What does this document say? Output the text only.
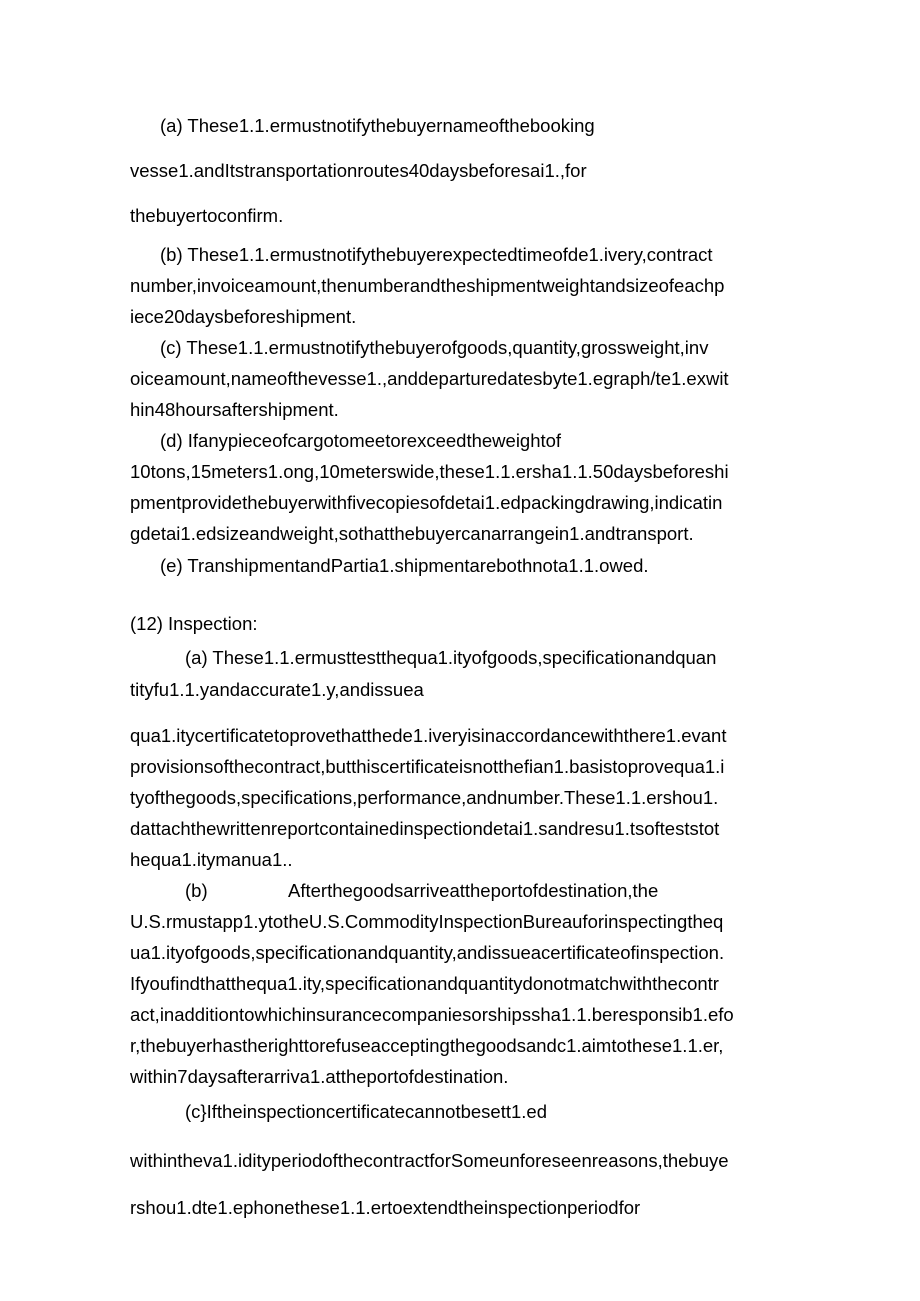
(a) These1.1.ermustnotifythebuyernameofthebooking
vesse1.andItstransportationroutes40daysbeforesai1.,for
thebuyertoconfirm.
(b) These1.1.ermustnotifythebuyerexpectedtimeofde1.ivery,contract
number,invoiceamount,thenumberandtheshipmentweightandsizeofeachp
iece20daysbeforeshipment.
(c) These1.1.ermustnotifythebuyerofgoods,quantity,grossweight,inv
oiceamount,nameofthevesse1.,anddeparturedatesbyte1.egraph/te1.exwit
hin48hoursaftershipment.
(d) Ifanypieceofcargotomeetorexceedtheweightof
10tons,15meters1.ong,10meterswide,these1.1.ersha1.1.50daysbeforeshi
pmentprovidethebuyerwithfivecopiesofdetai1.edpackingdrawing,indicatin
gdetai1.edsizeandweight,sothatthebuyercanarrangein1.andtransport.
(e) TranshipmentandPartia1.shipmentarebothnota1.1.owed.
(12) Inspection:
(a) These1.1.ermusttestthequa1.ityofgoods,specificationandquan
tityfu1.1.yandaccurate1.y,andissuea
qua1.itycertificatetoprovethatthede1.iveryisinaccordancewiththere1.evant
provisionsofthecontract,butthiscertificateisnotthefian1.basistoprovequa1.i
tyofthegoods,specifications,performance,andnumber.These1.1.ershou1.
dattachthewrittenreportcontainedinspectiondetai1.sandresu1.tsofteststot
hequa1.itymanua1..
(b)	Afterthegoodsarriveattheportofdestination,the
U.S.rmustapp1.ytotheU.S.CommodityInspectionBureauforinspectingtheq
ua1.ityofgoods,specificationandquantity,andissueacertificateofinspection.
Ifyoufindthatthequa1.ity,specificationandquantitydonotmatchwiththecontr
act,inadditiontowhichinsurancecompaniesorshipssha1.1.beresponsib1.efo
r,thebuyerhastherighttorefuseacceptingthegoodsandc1.aimtothese1.1.er,
within7daysafterarriva1.attheportofdestination.
(c}Iftheinspectioncertificatecannotbesett1.ed
withintheva1.idityperiodofthecontractforSomeunforeseenreasons,thebuye
rshou1.dte1.ephonethese1.1.ertoextendtheinspectionperiodfor
